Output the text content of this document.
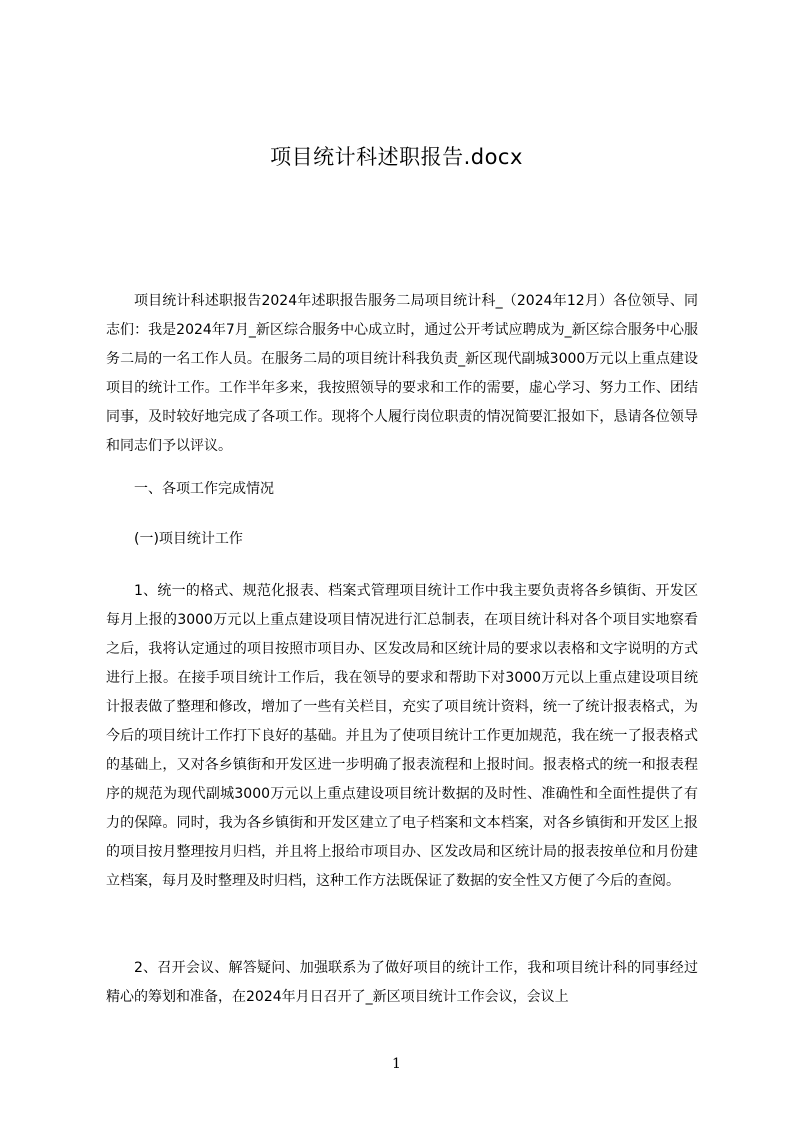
项目统计科述职报告.docx

项目统计科述职报告2024年述职报告服务二局项目统计科_（2024年12月）各位领导、同志们：我是2024年7月_新区综合服务中心成立时，通过公开考试应聘成为_新区综合服务中心服务二局的一名工作人员。在服务二局的项目统计科我负责_新区现代副城3000万元以上重点建设项目的统计工作。工作半年多来，我按照领导的要求和工作的需要，虚心学习、努力工作、团结同事，及时较好地完成了各项工作。现将个人履行岗位职责的情况简要汇报如下，恳请各位领导和同志们予以评议。

一、各项工作完成情况

(一)项目统计工作

1、统一的格式、规范化报表、档案式管理项目统计工作中我主要负责将各乡镇街、开发区每月上报的3000万元以上重点建设项目情况进行汇总制表，在项目统计科对各个项目实地察看之后，我将认定通过的项目按照市项目办、区发改局和区统计局的要求以表格和文字说明的方式进行上报。在接手项目统计工作后，我在领导的要求和帮助下对3000万元以上重点建设项目统计报表做了整理和修改，增加了一些有关栏目，充实了项目统计资料，统一了统计报表格式，为今后的项目统计工作打下良好的基础。并且为了使项目统计工作更加规范，我在统一了报表格式的基础上，又对各乡镇街和开发区进一步明确了报表流程和上报时间。报表格式的统一和报表程序的规范为现代副城3000万元以上重点建设项目统计数据的及时性、准确性和全面性提供了有力的保障。同时，我为各乡镇街和开发区建立了电子档案和文本档案，对各乡镇街和开发区上报的项目按月整理按月归档，并且将上报给市项目办、区发改局和区统计局的报表按单位和月份建立档案，每月及时整理及时归档，这种工作方法既保证了数据的安全性又方便了今后的查阅。

2、召开会议、解答疑问、加强联系为了做好项目的统计工作，我和项目统计科的同事经过精心的筹划和准备，在2024年月日召开了_新区项目统计工作会议，会议上

1
